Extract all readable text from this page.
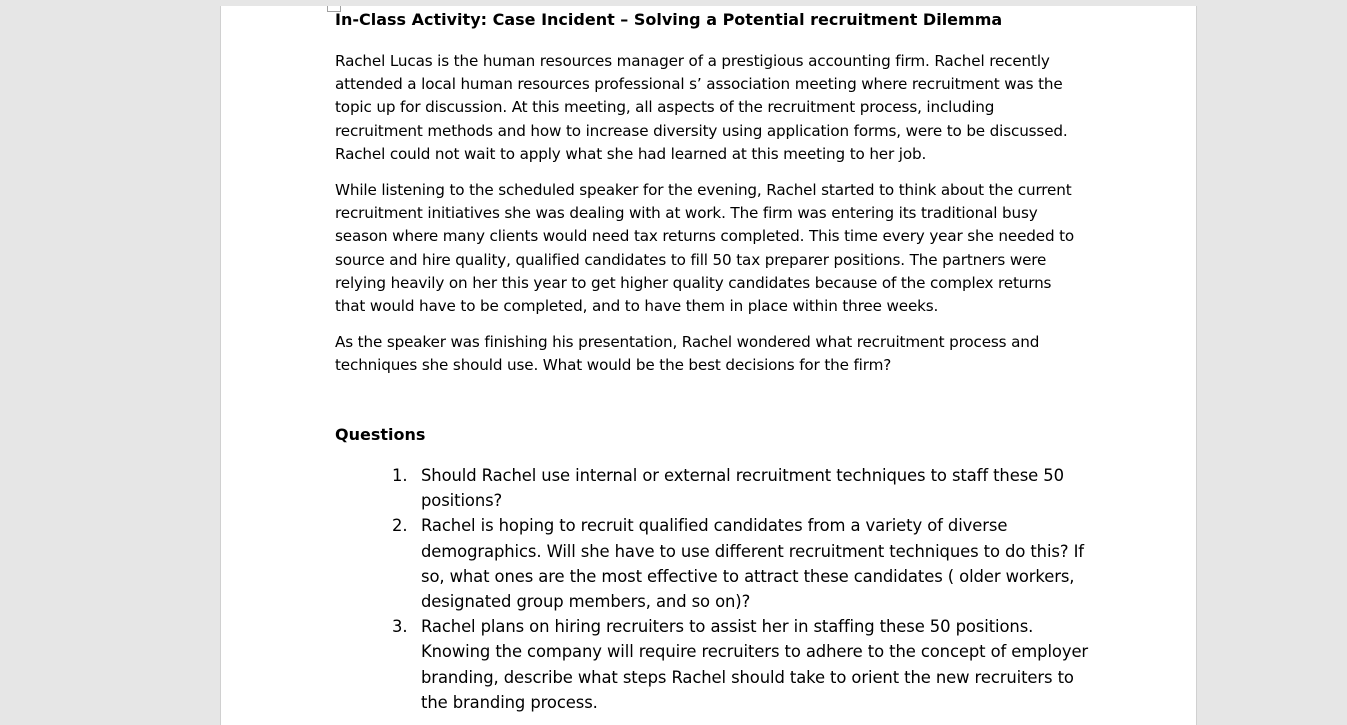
In-Class Activity: Case Incident – Solving a Potential recruitment Dilemma

Rachel Lucas is the human resources manager of a prestigious accounting firm. Rachel recently attended a local human resources professional s’ association meeting where recruitment was the topic up for discussion. At this meeting, all aspects of the recruitment process, including recruitment methods and how to increase diversity using application forms, were to be discussed. Rachel could not wait to apply what she had learned at this meeting to her job.

While listening to the scheduled speaker for the evening, Rachel started to think about the current recruitment initiatives she was dealing with at work. The firm was entering its traditional busy season where many clients would need tax returns completed. This time every year she needed to source and hire quality, qualified candidates to fill 50 tax preparer positions. The partners were relying heavily on her this year to get higher quality candidates because of the complex returns that would have to be completed, and to have them in place within three weeks.

As the speaker was finishing his presentation, Rachel wondered what recruitment process and techniques she should use. What would be the best decisions for the firm?

Questions
1. Should Rachel use internal or external recruitment techniques to staff these 50 positions?
2. Rachel is hoping to recruit qualified candidates from a variety of diverse demographics. Will she have to use different recruitment techniques to do this? If so, what ones are the most effective to attract these candidates ( older workers, designated group members, and so on)?
3. Rachel plans on hiring recruiters to assist her in staffing these 50 positions. Knowing the company will require recruiters to adhere to the concept of employer branding, describe what steps Rachel should take to orient the new recruiters to the branding process.
